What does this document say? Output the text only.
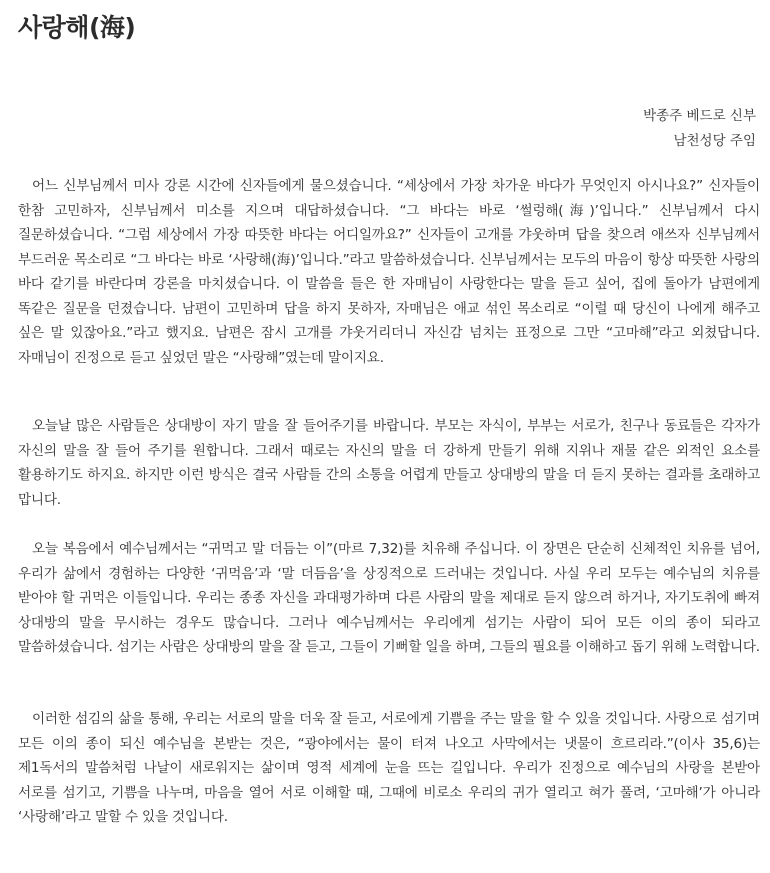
사랑해(海)
박종주 베드로 신부
남천성당 주임

어느 신부님께서 미사 강론 시간에 신자들에게 물으셨습니다. “세상에서 가장 차가운 바다가 무엇인지 아시나요?” 신자들이 한참 고민하자, 신부님께서 미소를 지으며 대답하셨습니다. “그 바다는 바로 ‘썰렁해(海)’입니다.” 신부님께서 다시 질문하셨습니다. “그럼 세상에서 가장 따뜻한 바다는 어디일까요?” 신자들이 고개를 갸웃하며 답을 찾으려 애쓰자 신부님께서 부드러운 목소리로 “그 바다는 바로 ‘사랑해(海)’입니다.”라고 말씀하셨습니다. 신부님께서는 모두의 마음이 항상 따뜻한 사랑의 바다 같기를 바란다며 강론을 마치셨습니다. 이 말씀을 들은 한 자매님이 사랑한다는 말을 듣고 싶어, 집에 돌아가 남편에게 똑같은 질문을 던졌습니다. 남편이 고민하며 답을 하지 못하자, 자매님은 애교 섞인 목소리로 “이럴 때 당신이 나에게 해주고 싶은 말 있잖아요.”라고 했지요. 남편은 잠시 고개를 갸웃거리더니 자신감 넘치는 표정으로 그만 “고마해”라고 외쳤답니다. 자매님이 진정으로 듣고 싶었던 말은 “사랑해”였는데 말이지요.

오늘날 많은 사람들은 상대방이 자기 말을 잘 들어주기를 바랍니다. 부모는 자식이, 부부는 서로가, 친구나 동료들은 각자가 자신의 말을 잘 들어 주기를 원합니다. 그래서 때로는 자신의 말을 더 강하게 만들기 위해 지위나 재물 같은 외적인 요소를 활용하기도 하지요. 하지만 이런 방식은 결국 사람들 간의 소통을 어렵게 만들고 상대방의 말을 더 듣지 못하는 결과를 초래하고 맙니다.

오늘 복음에서 예수님께서는 “귀먹고 말 더듬는 이”(마르 7,32)를 치유해 주십니다. 이 장면은 단순히 신체적인 치유를 넘어, 우리가 삶에서 경험하는 다양한 ‘귀먹음’과 ‘말 더듬음’을 상징적으로 드러내는 것입니다. 사실 우리 모두는 예수님의 치유를 받아야 할 귀먹은 이들입니다. 우리는 종종 자신을 과대평가하며 다른 사람의 말을 제대로 듣지 않으려 하거나, 자기도취에 빠져 상대방의 말을 무시하는 경우도 많습니다. 그러나 예수님께서는 우리에게 섬기는 사람이 되어 모든 이의 종이 되라고 말씀하셨습니다. 섬기는 사람은 상대방의 말을 잘 듣고, 그들이 기뻐할 일을 하며, 그들의 필요를 이해하고 돕기 위해 노력합니다.

이러한 섬김의 삶을 통해, 우리는 서로의 말을 더욱 잘 듣고, 서로에게 기쁨을 주는 말을 할 수 있을 것입니다. 사랑으로 섬기며 모든 이의 종이 되신 예수님을 본받는 것은, “광야에서는 물이 터져 나오고 사막에서는 냇물이 흐르리라.”(이사 35,6)는 제1독서의 말씀처럼 나날이 새로워지는 삶이며 영적 세계에 눈을 뜨는 길입니다. 우리가 진정으로 예수님의 사랑을 본받아 서로를 섬기고, 기쁨을 나누며, 마음을 열어 서로 이해할 때, 그때에 비로소 우리의 귀가 열리고 혀가 풀려, ‘고마해’가 아니라 ‘사랑해’라고 말할 수 있을 것입니다.
